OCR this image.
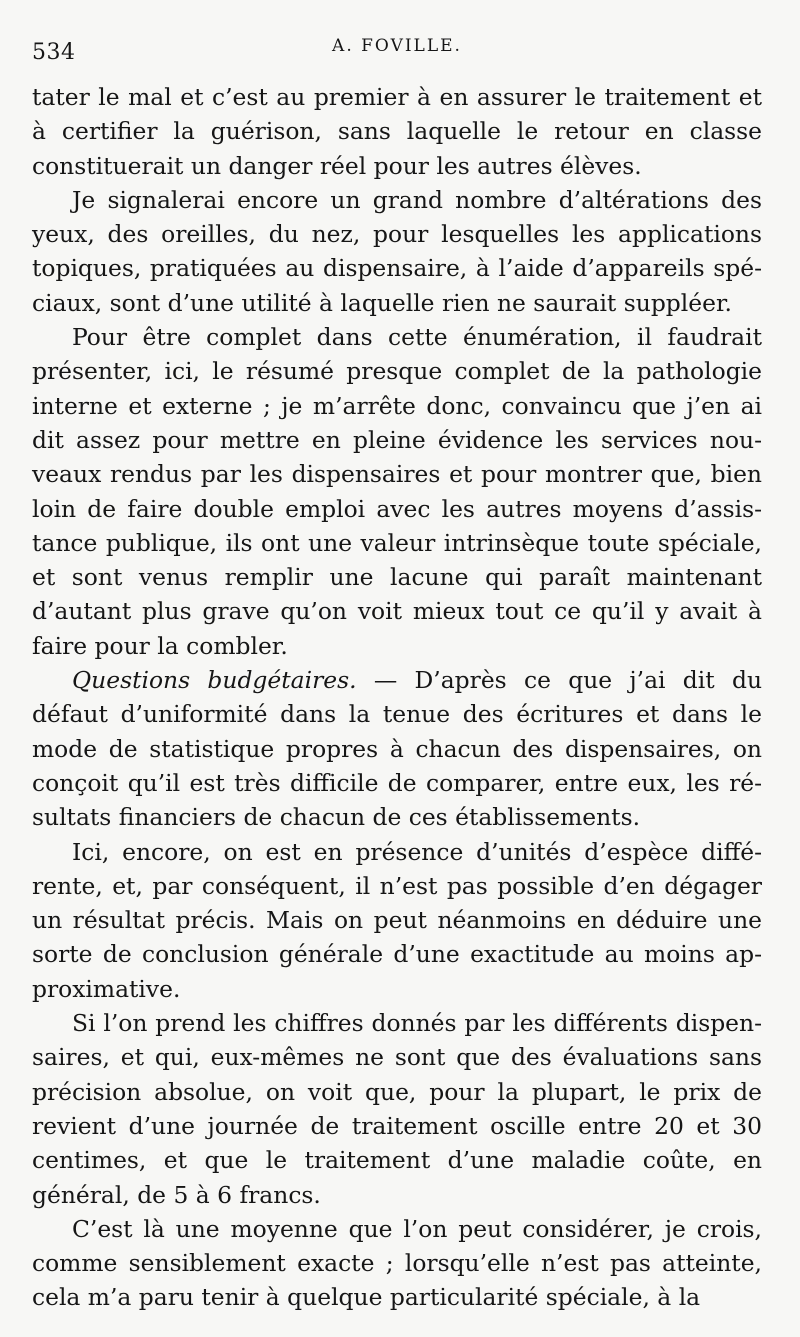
534	A. FOVILLE.

tater le mal et c’est au premier à en assurer le traitement et à certifier la guérison, sans laquelle le retour en classe constituerait un danger réel pour les autres élèves.

Je signalerai encore un grand nombre d’altérations des yeux, des oreilles, du nez, pour lesquelles les applications topiques, pratiquées au dispensaire, à l’aide d’appareils spéciaux, sont d’une utilité à laquelle rien ne saurait suppléer.

Pour être complet dans cette énumération, il faudrait présenter, ici, le résumé presque complet de la pathologie interne et externe ; je m’arrête donc, convaincu que j’en ai dit assez pour mettre en pleine évidence les services nouveaux rendus par les dispensaires et pour montrer que, bien loin de faire double emploi avec les autres moyens d’assistance publique, ils ont une valeur intrinsèque toute spéciale, et sont venus remplir une lacune qui paraît maintenant d’autant plus grave qu’on voit mieux tout ce qu’il y avait à faire pour la combler.

Questions budgétaires. — D’après ce que j’ai dit du défaut d’uniformité dans la tenue des écritures et dans le mode de statistique propres à chacun des dispensaires, on conçoit qu’il est très difficile de comparer, entre eux, les résultats financiers de chacun de ces établissements.

Ici, encore, on est en présence d’unités d’espèce différente, et, par conséquent, il n’est pas possible d’en dégager un résultat précis. Mais on peut néanmoins en déduire une sorte de conclusion générale d’une exactitude au moins approximative.

Si l’on prend les chiffres donnés par les différents dispensaires, et qui, eux-mêmes ne sont que des évaluations sans précision absolue, on voit que, pour la plupart, le prix de revient d’une journée de traitement oscille entre 20 et 30 centimes, et que le traitement d’une maladie coûte, en général, de 5 à 6 francs.

C’est là une moyenne que l’on peut considérer, je crois, comme sensiblement exacte ; lorsqu’elle n’est pas atteinte, cela m’a paru tenir à quelque particularité spéciale, à la
